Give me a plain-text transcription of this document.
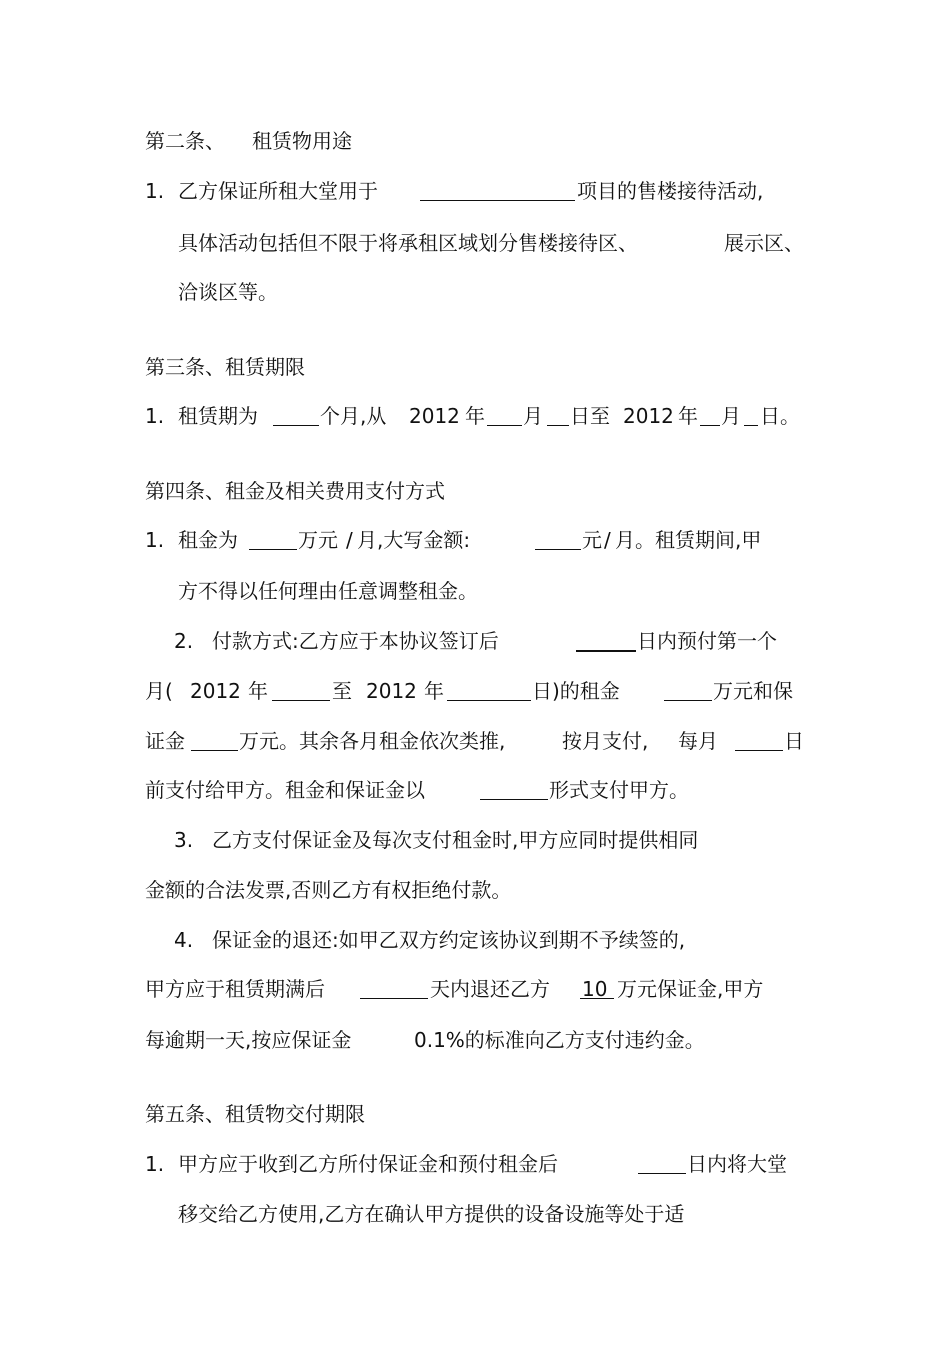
第二条、 租赁物用途
1. 乙方保证所租大堂用于	项目的售楼接待活动,
具体活动包括但不限于将承租区域划分售楼接待区、	展示区、
洽谈区等。
第三条、租赁期限
1. 租赁期为	个月,从 2012 年 月 日至 2012 年 月 日。
第四条、租金及相关费用支付方式
1. 租金为	万元 / 月,大写金额:	元 / 月。租赁期间,甲
方不得以任何理由任意调整租金。
2. 付款方式:乙方应于本协议签订后	日内预付第一个
月( 2012 年	至 2012 年	日)的租金	万元和保
证金	万元。其余各月租金依次类推,	按月支付, 每月	日
前支付给甲方。租金和保证金以	形式支付甲方。
3. 乙方支付保证金及每次支付租金时,甲方应同时提供相同
金额的合法发票,否则乙方有权拒绝付款。
4. 保证金的退还:如甲乙双方约定该协议到期不予续签的,
甲方应于租赁期满后	天内退还乙方 10 万元保证金,甲方
每逾期一天,按应保证金	0.1%的标准向乙方支付违约金。
第五条、租赁物交付期限
1. 甲方应于收到乙方所付保证金和预付租金后	日内将大堂
移交给乙方使用,乙方在确认甲方提供的设备设施等处于适
